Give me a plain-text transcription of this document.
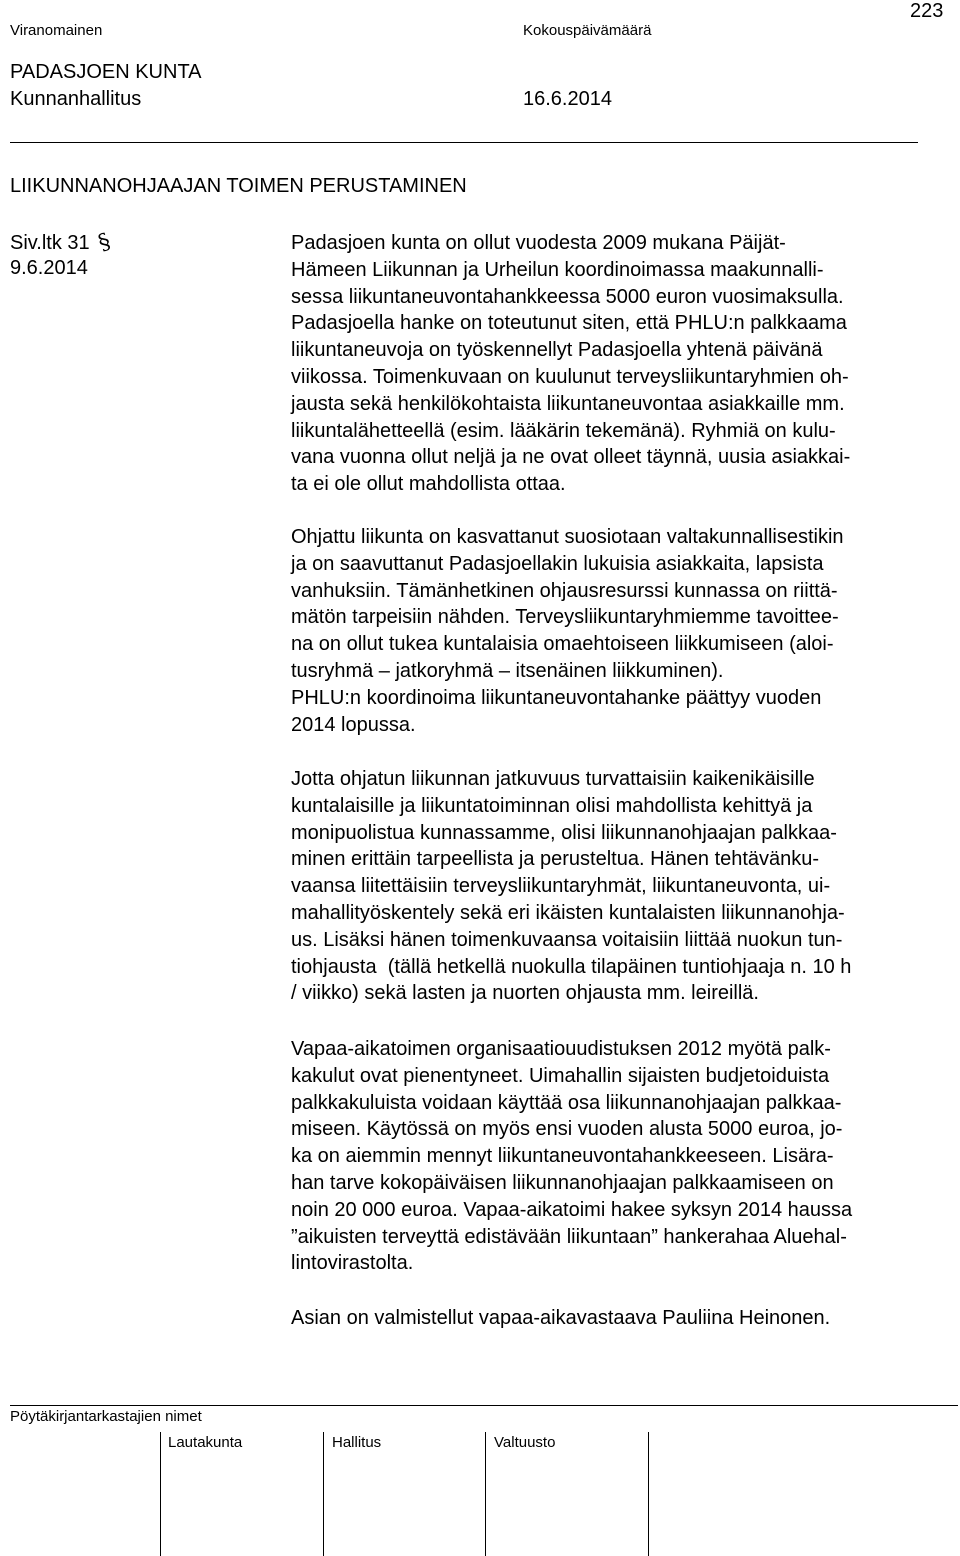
223
Viranomainen	Kokouspäivämäärä
PADASJOEN KUNTA
Kunnanhallitus	16.6.2014
LIIKUNNANOHJAAJAN TOIMEN PERUSTAMINEN
Siv.ltk 31 §
9.6.2014
Padasjoen kunta on ollut vuodesta 2009 mukana Päijät-
Hämeen Liikunnan ja Urheilun koordinoimassa maakunnalli-
sessa liikuntaneuvontahankkeessa 5000 euron vuosimaksulla.
Padasjoella hanke on toteutunut siten, että PHLU:n palkkaama
liikuntaneuvoja on työskennellyt Padasjoella yhtenä päivänä
viikossa. Toimenkuvaan on kuulunut terveysliikuntaryhmien oh-
jausta sekä henkilökohtaista liikuntaneuvontaa asiakkaille mm.
liikuntalähetteellä (esim. lääkärin tekemänä). Ryhmiä on kulu-
vana vuonna ollut neljä ja ne ovat olleet täynnä, uusia asiakkai-
ta ei ole ollut mahdollista ottaa.
Ohjattu liikunta on kasvattanut suosiotaan valtakunnallisestikin
ja on saavuttanut Padasjoellakin lukuisia asiakkaita, lapsista
vanhuksiin. Tämänhetkinen ohjausresurssi kunnassa on riittä-
mätön tarpeisiin nähden. Terveysliikuntaryhmiemme tavoittee-
na on ollut tukea kuntalaisia omaehtoiseen liikkumiseen (aloi-
tusryhmä – jatkoryhmä – itsenäinen liikkuminen).
PHLU:n koordinoima liikuntaneuvontahanke päättyy vuoden
2014 lopussa.
Jotta ohjatun liikunnan jatkuvuus turvattaisiin kaikenikäisille
kuntalaisille ja liikuntatoiminnan olisi mahdollista kehittyä ja
monipuolistua kunnassamme, olisi liikunnanohjaajan palkkaa-
minen erittäin tarpeellista ja perusteltua. Hänen tehtävänku-
vaansa liitettäisiin terveysliikuntaryhmät, liikuntaneuvonta, ui-
mahallityöskentely sekä eri ikäisten kuntalaisten liikunnanohja-
us. Lisäksi hänen toimenkuvaansa voitaisiin liittää nuokun tun-
tiohjausta  (tällä hetkellä nuokulla tilapäinen tuntiohjaaja n. 10 h
/ viikko) sekä lasten ja nuorten ohjausta mm. leireillä.
Vapaa-aikatoimen organisaatiouudistuksen 2012 myötä palk-
kakulut ovat pienentyneet. Uimahallin sijaisten budjetoiduista
palkkakuluista voidaan käyttää osa liikunnanohjaajan palkkaa-
miseen. Käytössä on myös ensi vuoden alusta 5000 euroa, jo-
ka on aiemmin mennyt liikuntaneuvontahankkeeseen. Lisära-
han tarve kokopäiväisen liikunnanohjaajan palkkaamiseen on
noin 20 000 euroa. Vapaa-aikatoimi hakee syksyn 2014 haussa
”aikuisten terveyttä edistävään liikuntaan” hankerahaa Aluehal-
lintovirastolta.
Asian on valmistellut vapaa-aikavastaava Pauliina Heinonen.
Pöytäkirjantarkastajien nimet
Lautakunta	Hallitus	Valtuusto
